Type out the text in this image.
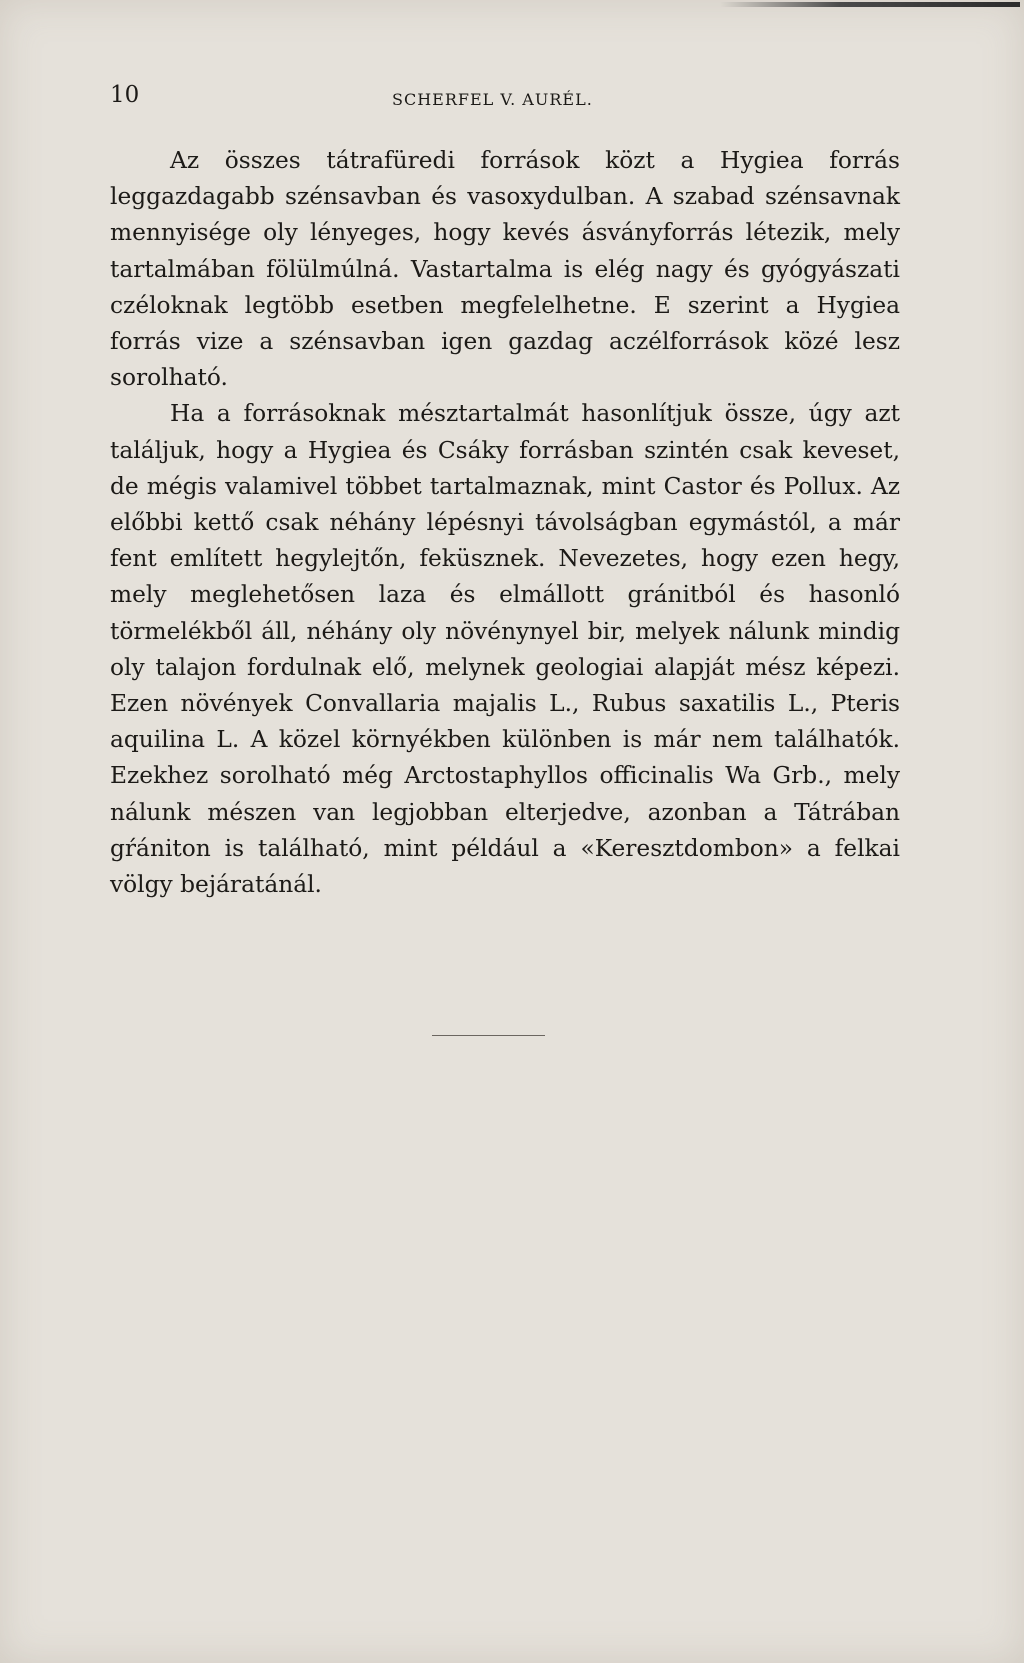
10	SCHERFEL V. AURÉL.

Az összes tátrafüredi források közt a Hygiea forrás leggazdagabb szénsavban és vasoxydulban. A szabad szénsavnak mennyisége oly lényeges, hogy kevés ásványforrás létezik, mely tartalmában fölülmúlná. Vastartalma is elég nagy és gyógyászati czéloknak legtöbb esetben megfelelhetne. E szerint a Hygiea forrás vize a szénsavban igen gazdag aczélforrások közé lesz sorolható.

Ha a forrásoknak mésztartalmát hasonlítjuk össze, úgy azt találjuk, hogy a Hygiea és Csáky forrásban szintén csak keveset, de mégis valamivel többet tartalmaznak, mint Castor és Pollux. Az előbbi kettő csak néhány lépésnyi távolságban egymástól, a már fent említett hegylejtőn, feküsznek. Nevezetes, hogy ezen hegy, mely meglehetősen laza és elmállott gránitból és hasonló törmelékből áll, néhány oly növénynyel bir, melyek nálunk mindig oly talajon fordulnak elő, melynek geologiai alapját mész képezi. Ezen növények Convallaria majalis L., Rubus saxatilis L., Pteris aquilina L. A közel környékben különben is már nem találhatók. Ezekhez sorolható még Arctostaphyllos officinalis Wa Grb., mely nálunk mészen van legjobban elterjedve, azonban a Tátrában gŕániton is található, mint például a «Keresztdombon» a felkai völgy bejáratánál.
